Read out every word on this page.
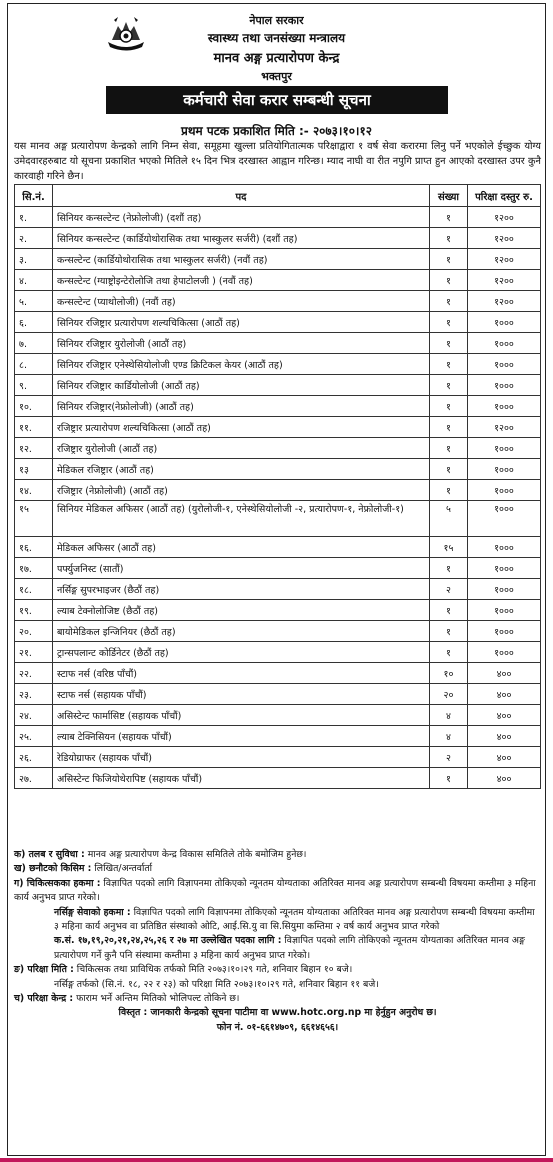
नेपाल सरकार
स्वास्थ्य तथा जनसंख्या मन्त्रालय
मानव अङ्ग प्रत्यारोपण केन्द्र
भक्तपुर
कर्मचारी सेवा करार सम्बन्धी सूचना
प्रथम पटक प्रकाशित मिति :- २०७३।१०।१२
यस मानव अङ्ग प्रत्यारोपण केन्द्रको लागि निम्न सेवा, समूहमा खुल्ला प्रतियोगितात्मक परिक्षाद्वारा १ वर्ष सेवा करारमा लिनु पर्ने भएकोले ईच्छुक योग्य उमेदवारहरुबाट यो सूचना प्रकाशित भएको मितिले १५ दिन भित्र दरखास्त आह्वान गरिन्छ। म्याद नाघी वा रीत नपुगि प्राप्त हुन आएको दरखास्त उपर कुनै कारवाही गरिने छैन।
सि.नं.	पद	संख्या	परिक्षा दस्तुर रु.
१.	सिनियर कन्सल्टेन्ट (नेफ्रोलोजी) (दशौं तह)	१	१२००
२.	सिनियर कन्सल्टेन्ट (कार्डियोथोरासिक तथा भास्कुलर सर्जरी) (दशौं तह)	१	१२००
३.	कन्सल्टेन्ट (कार्डियोथोरासिक तथा भास्कुलर सर्जरी) (नवौं तह)	१	१२००
४.	कन्सल्टेन्ट (ग्याष्ट्रोइन्टेरोलोजि तथा हेपाटोलजी ) (नवौं तह)	१	१२००
५.	कन्सल्टेन्ट (प्याथोलोजी) (नवौं तह)	१	१२००
६.	सिनियर रजिष्ट्रार प्रत्यारोपण शल्यचिकित्सा (आठौं तह)	१	१०००
७.	सिनियर रजिष्ट्रार युरोलोजी (आठौं तह)	१	१०००
८.	सिनियर रजिष्ट्रार एनेस्थेसियोलोजी एण्ड क्रिटिकल केयर (आठौं तह)	१	१०००
९.	सिनियर रजिष्ट्रार कार्डियोलोजी (आठौं तह)	१	१०००
१०.	सिनियर रजिष्ट्रार(नेफ्रोलोजी) (आठौं तह)	१	१०००
११.	रजिष्ट्रार प्रत्यारोपण शल्यचिकित्सा (आठौं तह)	१	१२००
१२.	रजिष्ट्रार युरोलोजी (आठौं तह)	१	१०००
१३	मेडिकल रजिष्ट्रार (आठौं तह)	१	१०००
१४.	रजिष्ट्रार (नेफ्रोलोजी) (आठौं तह)	१	१०००
१५	सिनियर मेडिकल अफिसर (आठौं तह) (युरोलोजी-१, एनेस्थेसियोलोजी -२, प्रत्यारोपण-१, नेफ्रोलोजी-१)	५	१०००
१६.	मेडिकल अफिसर (आठौं तह)	१५	१०००
१७.	पर्फ्युजनिस्ट (सातौं)	१	१०००
१८.	नर्सिङ्ग सुपरभाइजर (छैठौं तह)	२	१०००
१९.	ल्याब टेक्नोलोजिष्ट (छैठौं तह)	१	१०००
२०.	बायोमेडिकल इन्जिनियर (छैठौं तह)	१	१०००
२१.	ट्रान्सपलान्ट कोर्डिनेटर (छैठौं तह)	१	१०००
२२.	स्टाफ नर्स (वरिष्ठ पाँचौं)	१०	४००
२३.	स्टाफ नर्स (सहायक पाँचौं)	२०	४००
२४.	असिस्टेन्ट फार्मासिष्ट (सहायक पाँचौं)	४	४००
२५.	ल्याब टेक्निसियन (सहायक पाँचौं)	४	४००
२६.	रेडियोग्राफर (सहायक पाँचौं)	२	४००
२७.	असिस्टेन्ट फिजियोथेरापिष्ट (सहायक पाँचौं)	१	४००

क) तलब र सुविधा : मानव अङ्ग प्रत्यारोपण केन्द्र विकास समितिले तोके बमोजिम हुनेछ।

ख) छनौटको किसिम : लिखित/अन्तर्वार्ता

ग) चिकित्सकका हकमा : विज्ञापित पदको लागि विज्ञापनमा तोकिएको न्यूनतम योग्यताका अतिरिक्त मानव अङ्ग प्रत्यारोपण सम्बन्धी विषयमा कम्तीमा ३ महिना कार्य अनुभव प्राप्त गरेको।

नर्सिङ्ग सेवाको हकमा : विज्ञापित पदको लागि विज्ञापनमा तोकिएको न्यूनतम योग्यताका अतिरिक्त मानव अङ्ग प्रत्यारोपण सम्बन्धी विषयमा कम्तीमा ३ महिना कार्य अनुभव वा प्रतिष्ठित संस्थाको ओटि, आई.सि.यु वा सि.सियुमा कम्तिमा २ वर्ष कार्य अनुभव प्राप्त गरेको

क.सं. १७,१९,२०,२१,२४,२५,२६ र २७ मा उल्लेखित पदका लागि : विज्ञापित पदको लागि तोकिएको न्यूनतम योग्यताका अतिरिक्त मानव अङ्ग प्रत्यारोपण गर्ने कुनै पनि संस्थामा कम्तीमा ३ महिना कार्य अनुभव प्राप्त गरेको।

ङ) परिक्षा मिति : चिकित्सक तथा प्राविधिक तर्फको मिति २०७३।१०।२९ गते, शनिवार बिहान १० बजे।

नर्सिङ्ग तर्फको (सि.नं. १८, २२ र २३) को परिक्षा मिति २०७३।१०।२९ गते, शनिवार बिहान ११ बजे।

च) परिक्षा केन्द्र : फाराम भर्ने अन्तिम मितिको भोलिपल्ट तोकिने छ।

विस्तृत : जानकारी केन्द्रको सूचना पाटीमा वा www.hotc.org.np मा हेर्नुहुन अनुरोध छ।

फोन नं. ०१-६६१४७०९, ६६१४६५६।
